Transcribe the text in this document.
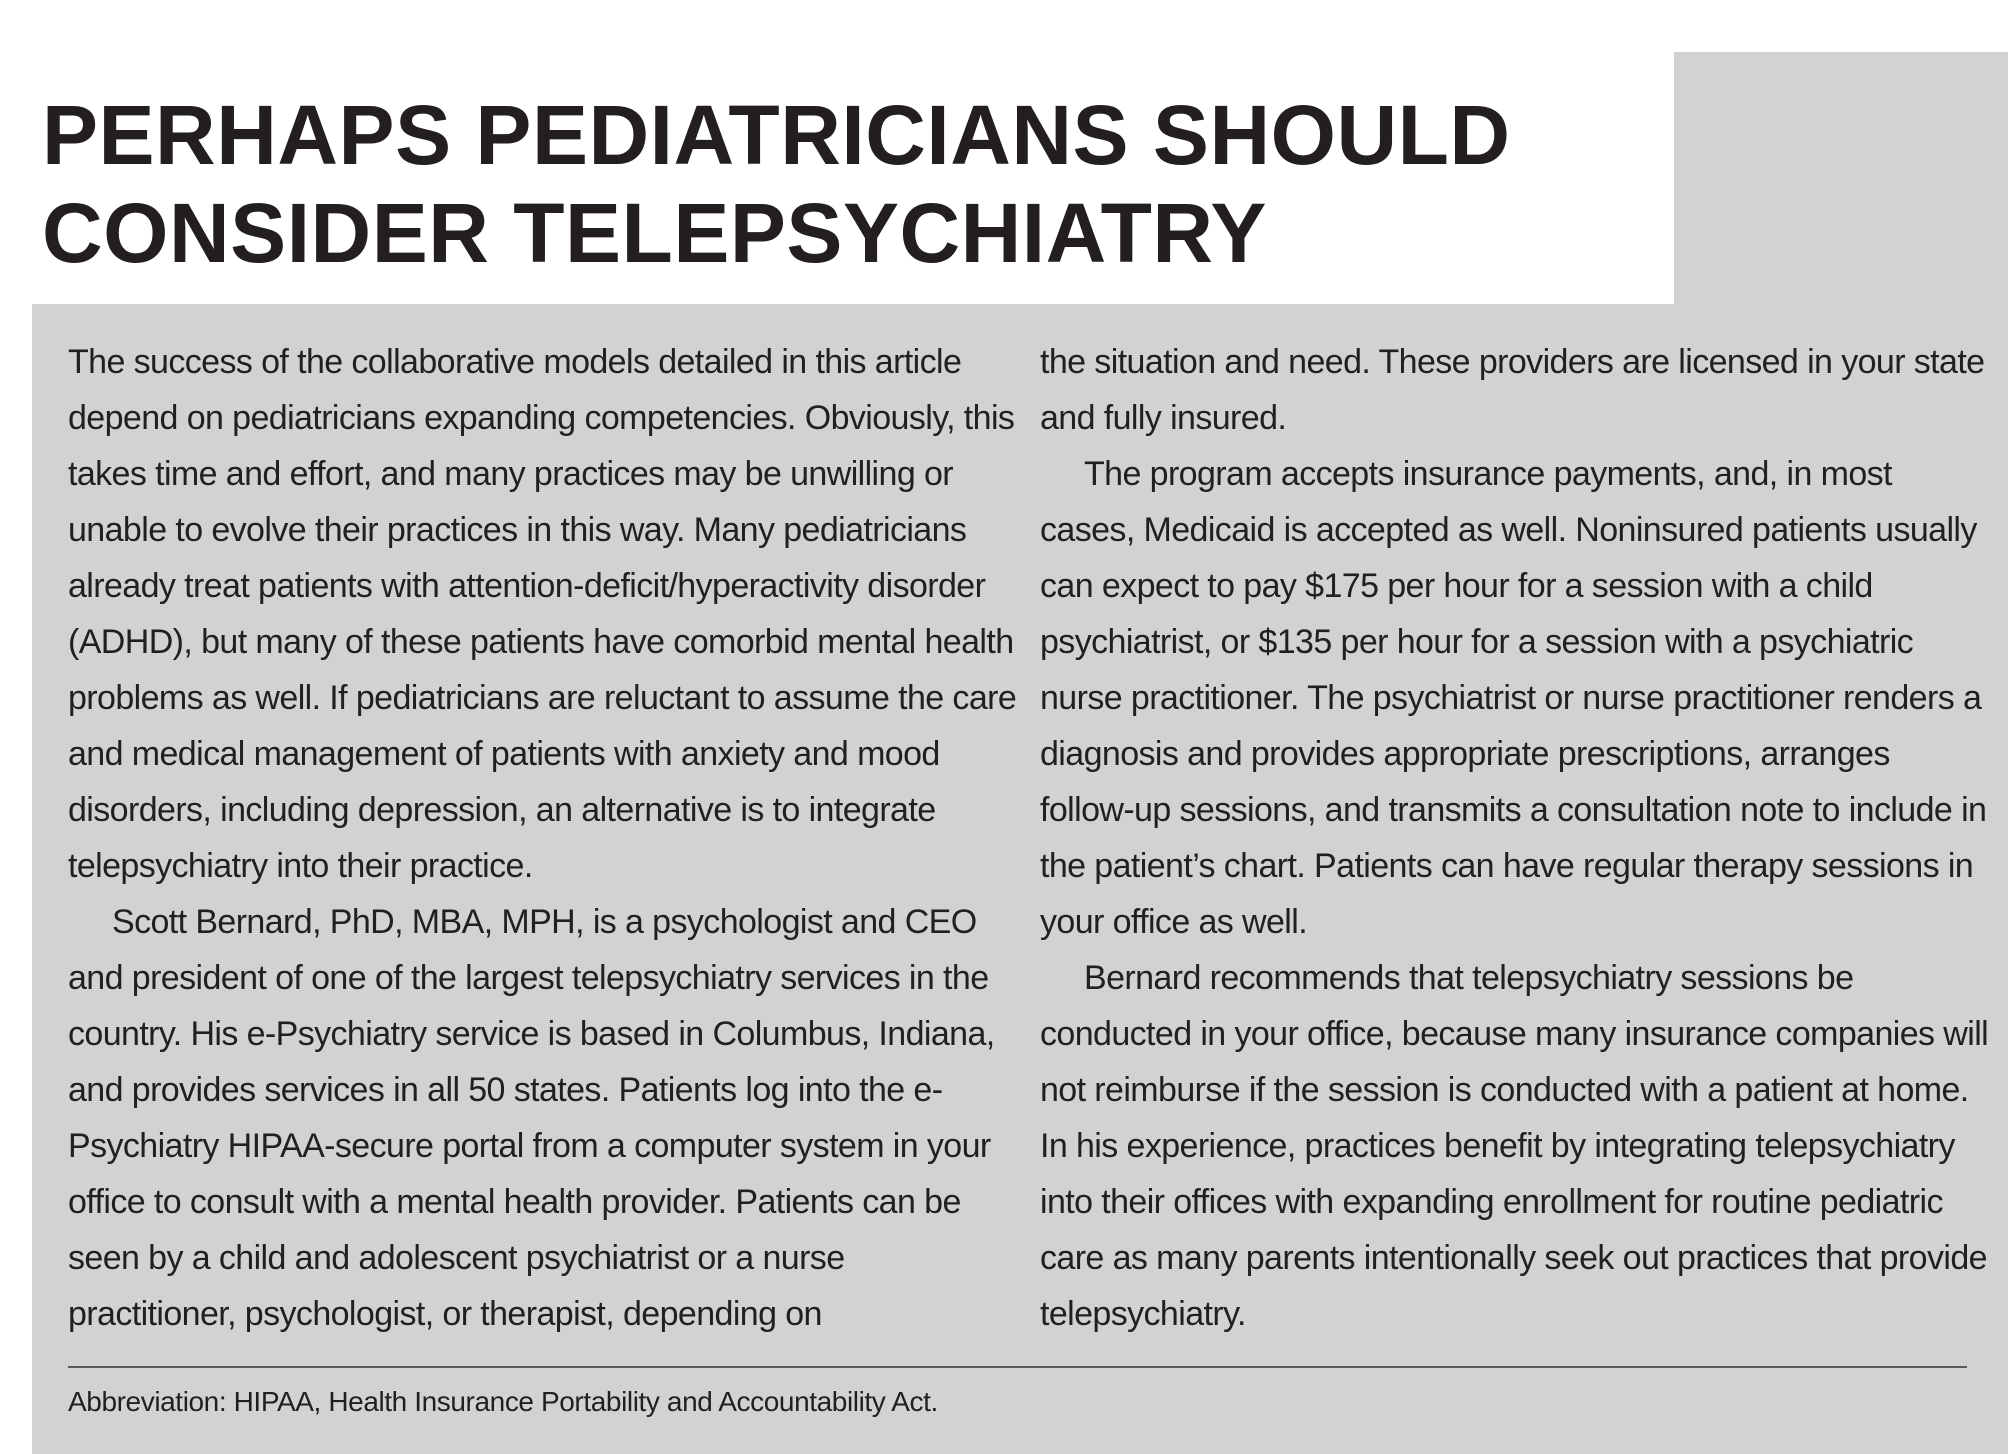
PERHAPS PEDIATRICIANS SHOULD
CONSIDER TELEPSYCHIATRY

The success of the collaborative models detailed in this article depend on pediatricians expanding competencies. Obviously, this takes time and effort, and many practices may be unwilling or unable to evolve their practices in this way. Many pediatricians already treat patients with attention-deficit/hyperactivity disorder (ADHD), but many of these patients have comorbid mental health problems as well. If pediatricians are reluctant to assume the care and medical management of patients with anxiety and mood disorders, including depression, an alternative is to integrate telepsychiatry into their practice.

Scott Bernard, PhD, MBA, MPH, is a psychologist and CEO and president of one of the largest telepsychiatry services in the country. His e-Psychiatry service is based in Columbus, Indiana, and provides services in all 50 states. Patients log into the e-Psychiatry HIPAA-secure portal from a computer system in your office to consult with a mental health provider. Patients can be seen by a child and adolescent psychiatrist or a nurse practitioner, psychologist, or therapist, depending on

the situation and need. These providers are licensed in your state and fully insured.

The program accepts insurance payments, and, in most cases, Medicaid is accepted as well. Noninsured patients usually can expect to pay $175 per hour for a session with a child psychiatrist, or $135 per hour for a session with a psychiatric nurse practitioner. The psychiatrist or nurse practitioner renders a diagnosis and provides appropriate prescriptions, arranges follow-up sessions, and transmits a consultation note to include in the patient’s chart. Patients can have regular therapy sessions in your office as well.

Bernard recommends that telepsychiatry sessions be conducted in your office, because many insurance companies will not reimburse if the session is conducted with a patient at home. In his experience, practices benefit by integrating telepsychiatry into their offices with expanding enrollment for routine pediatric care as many parents intentionally seek out practices that provide telepsychiatry.

Abbreviation: HIPAA, Health Insurance Portability and Accountability Act.
